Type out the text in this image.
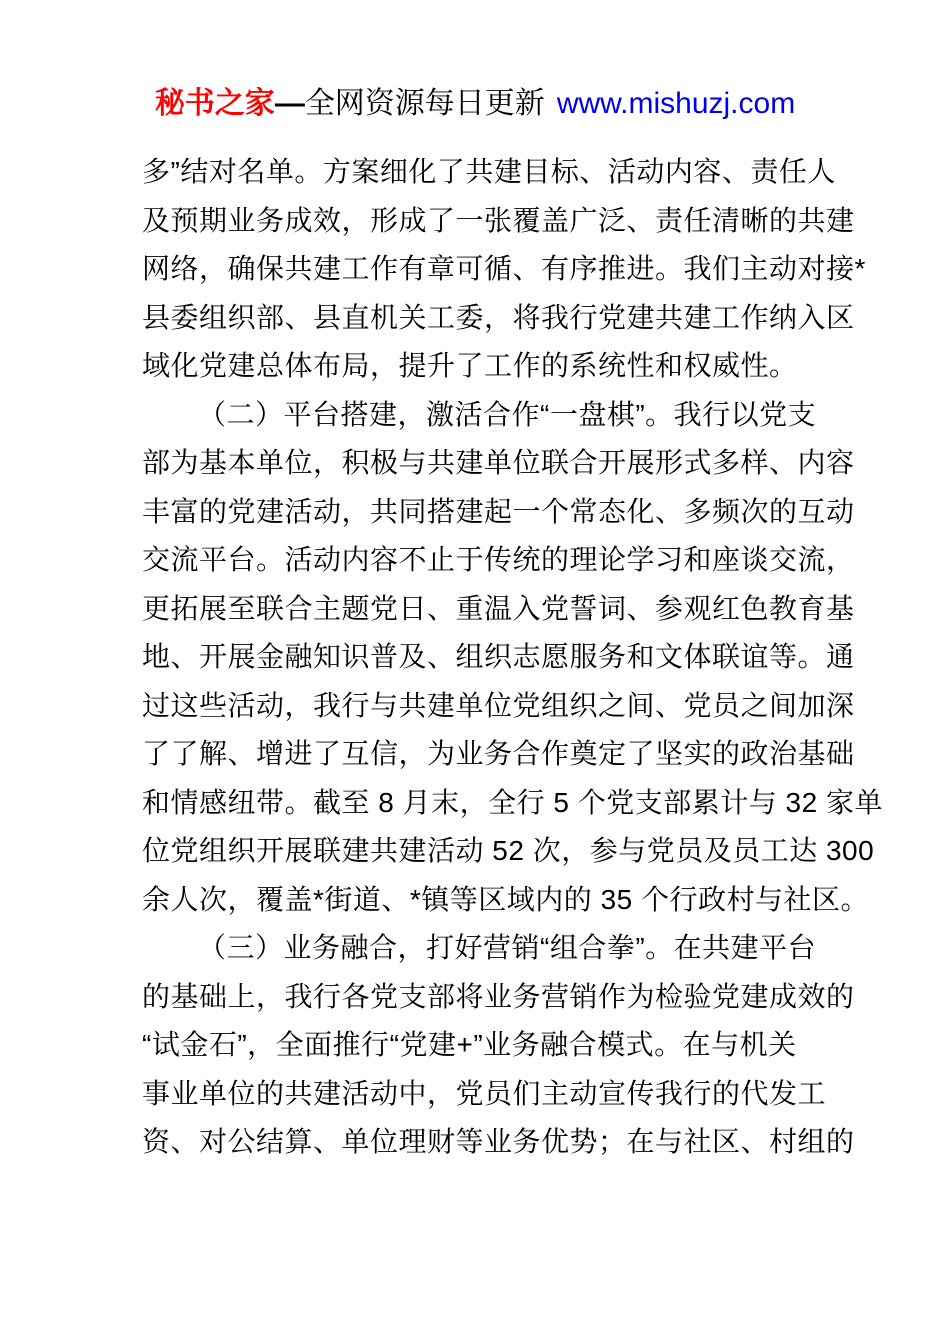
秘书之家—全网资源每日更新 www.mishuzj.com
多”结对名单。方案细化了共建目标、活动内容、责任人
及预期业务成效，形成了一张覆盖广泛、责任清晰的共建
网络，确保共建工作有章可循、有序推进。我们主动对接*
县委组织部、县直机关工委，将我行党建共建工作纳入区
域化党建总体布局，提升了工作的系统性和权威性。
（二）平台搭建，激活合作“一盘棋”。我行以党支
部为基本单位，积极与共建单位联合开展形式多样、内容
丰富的党建活动，共同搭建起一个常态化、多频次的互动
交流平台。活动内容不止于传统的理论学习和座谈交流，
更拓展至联合主题党日、重温入党誓词、参观红色教育基
地、开展金融知识普及、组织志愿服务和文体联谊等。通
过这些活动，我行与共建单位党组织之间、党员之间加深
了了解、增进了互信，为业务合作奠定了坚实的政治基础
和情感纽带。截至 8 月末，全行 5 个党支部累计与 32 家单
位党组织开展联建共建活动 52 次，参与党员及员工达 300
余人次，覆盖*街道、*镇等区域内的 35 个行政村与社区。
（三）业务融合，打好营销“组合拳”。在共建平台
的基础上，我行各党支部将业务营销作为检验党建成效的
“试金石”，全面推行“党建+”业务融合模式。在与机关
事业单位的共建活动中，党员们主动宣传我行的代发工
资、对公结算、单位理财等业务优势；在与社区、村组的
